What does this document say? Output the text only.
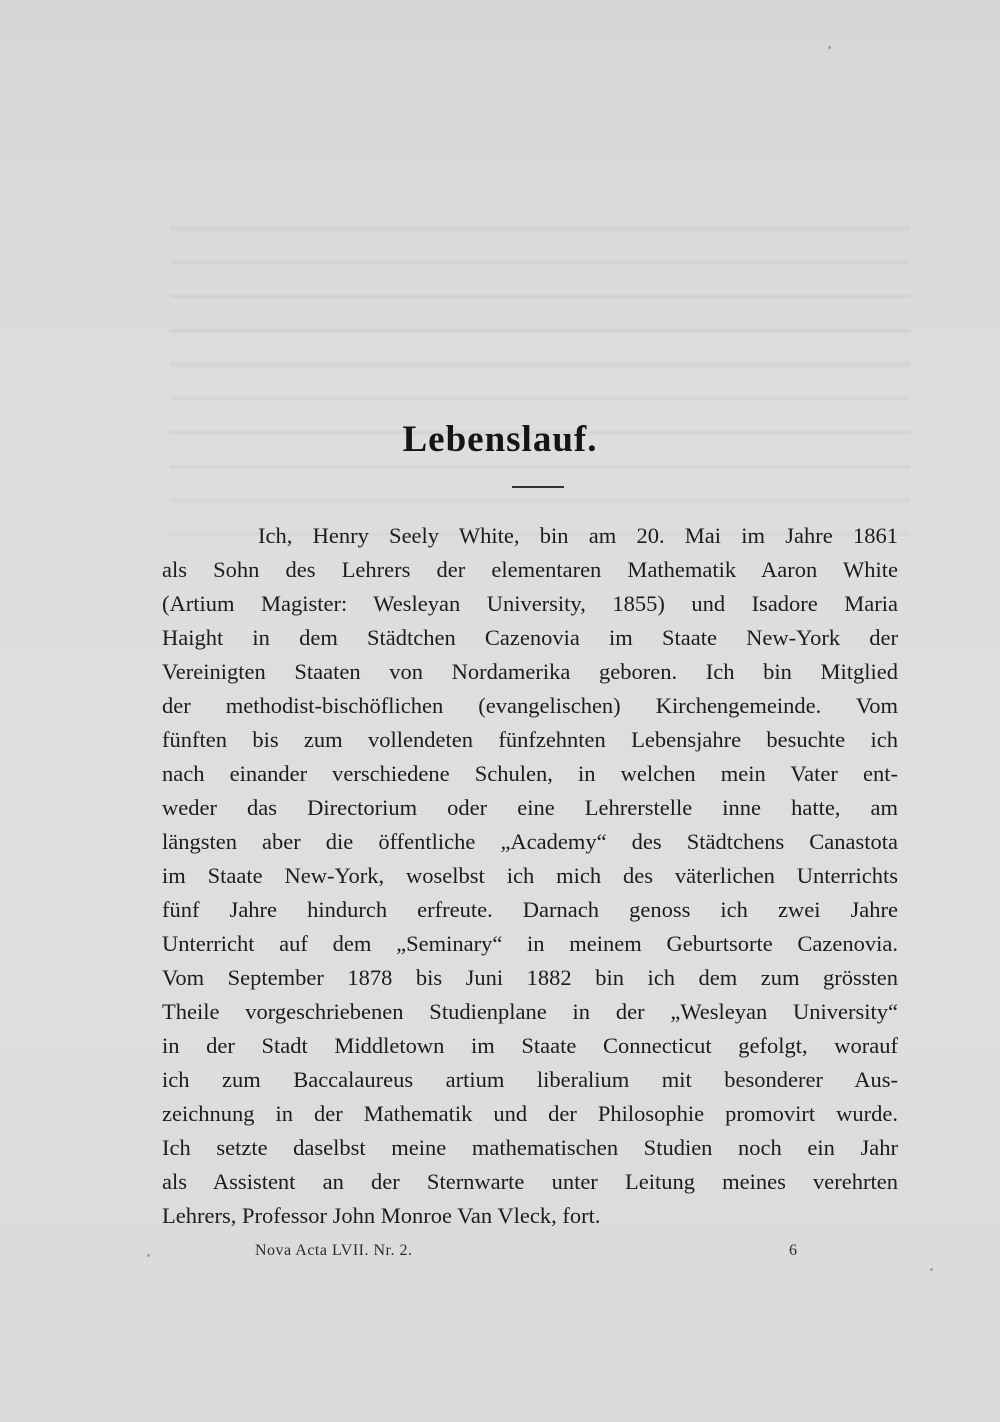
Lebenslauf.
Ich, Henry Seely White, bin am 20. Mai im Jahre 1861
als Sohn des Lehrers der elementaren Mathematik Aaron White
(Artium Magister: Wesleyan University, 1855) und Isadore Maria
Haight in dem Städtchen Cazenovia im Staate New-York der
Vereinigten Staaten von Nordamerika geboren. Ich bin Mitglied
der methodist-bischöflichen (evangelischen) Kirchengemeinde. Vom
fünften bis zum vollendeten fünfzehnten Lebensjahre besuchte ich
nach einander verschiedene Schulen, in welchen mein Vater ent-
weder das Directorium oder eine Lehrerstelle inne hatte, am
längsten aber die öffentliche „Academy“ des Städtchens Canastota
im Staate New-York, woselbst ich mich des väterlichen Unterrichts
fünf Jahre hindurch erfreute. Darnach genoss ich zwei Jahre
Unterricht auf dem „Seminary“ in meinem Geburtsorte Cazenovia.
Vom September 1878 bis Juni 1882 bin ich dem zum grössten
Theile vorgeschriebenen Studienplane in der „Wesleyan University“
in der Stadt Middletown im Staate Connecticut gefolgt, worauf
ich zum Baccalaureus artium liberalium mit besonderer Aus-
zeichnung in der Mathematik und der Philosophie promovirt wurde.
Ich setzte daselbst meine mathematischen Studien noch ein Jahr
als Assistent an der Sternwarte unter Leitung meines verehrten
Lehrers, Professor John Monroe Van Vleck, fort.
Nova Acta LVII. Nr. 2.	6
